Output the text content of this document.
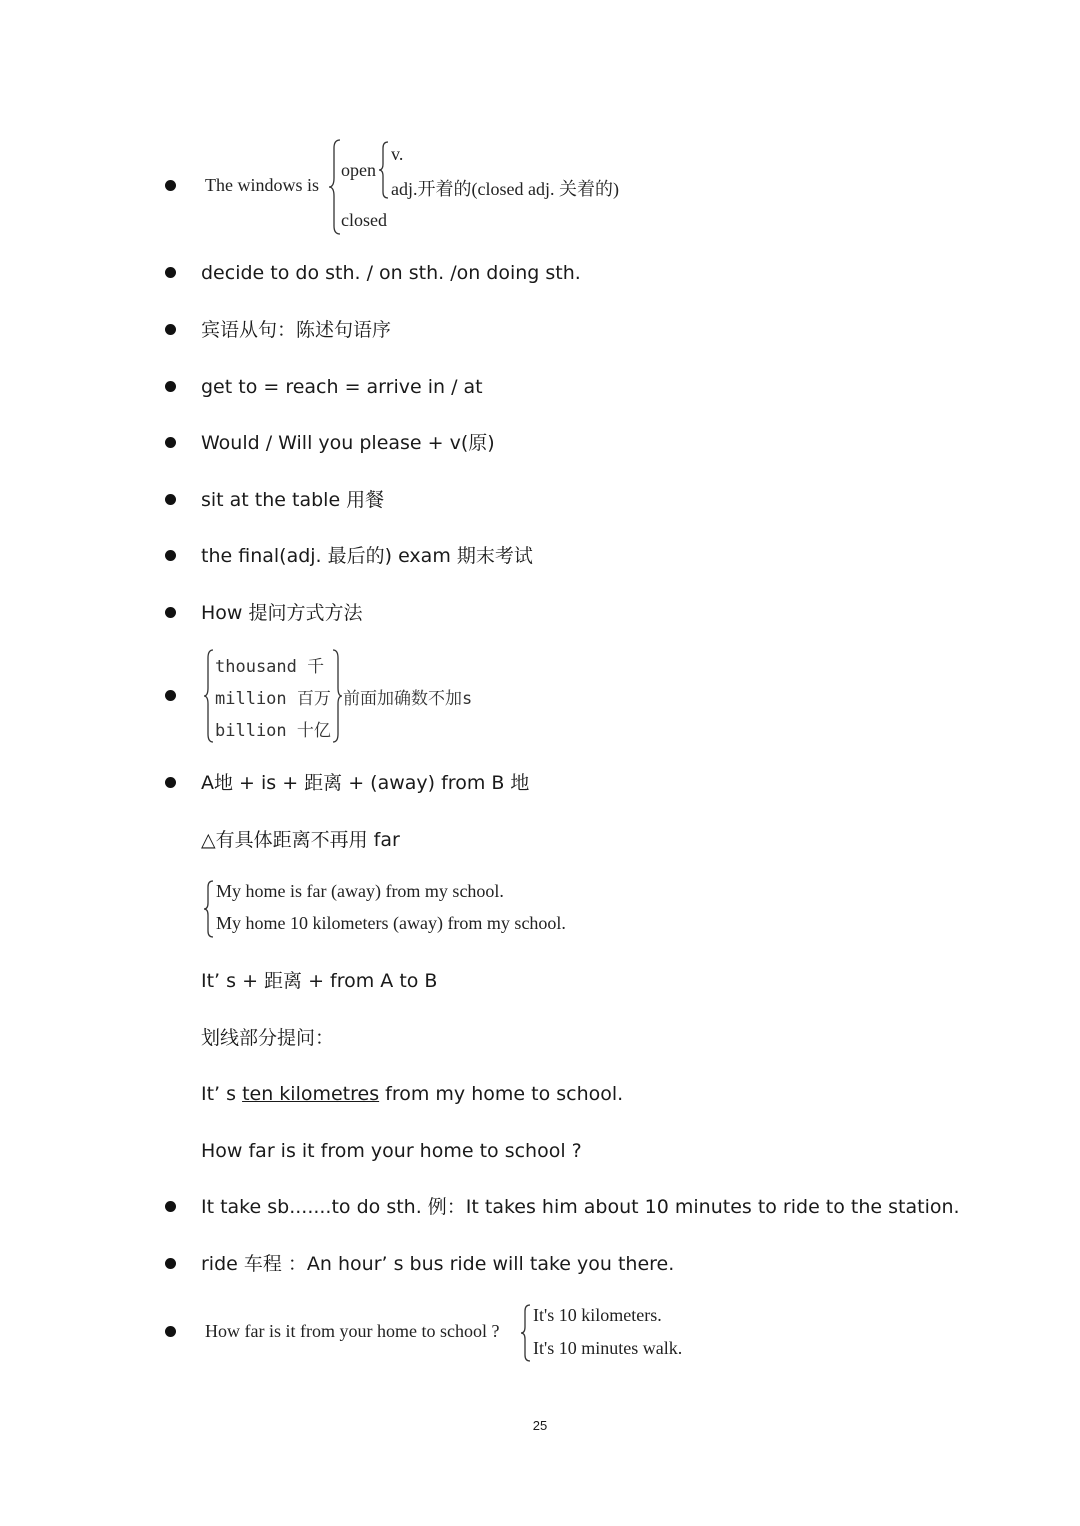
The windows is
open
v.
adj.开着的(closed adj. 关着的)
closed
decide to do sth. / on sth. /on doing sth.
宾语从句：陈述句语序
get to = reach = arrive in / at
Would / Will you please + v(原)
sit at the table 用餐
the final(adj. 最后的) exam 期末考试
How 提问方式方法
thousand 千
million 百万
billion 十亿
前面加确数不加s
A地 + is + 距离 + (away) from B 地
△有具体距离不再用 far
My home is far (away) from my school.
My home 10 kilometers (away) from my school.
It’ s + 距离 + from A to B
划线部分提问：
It’ s ten kilometres from my home to school.
How far is it from your home to school ?
It take sb.......to do sth. 例：It takes him about 10 minutes to ride to the station.
ride 车程 ：An hour’ s bus ride will take you there.
How far is it from your home to school ?
It's 10 kilometers.
It's 10 minutes walk.
25
